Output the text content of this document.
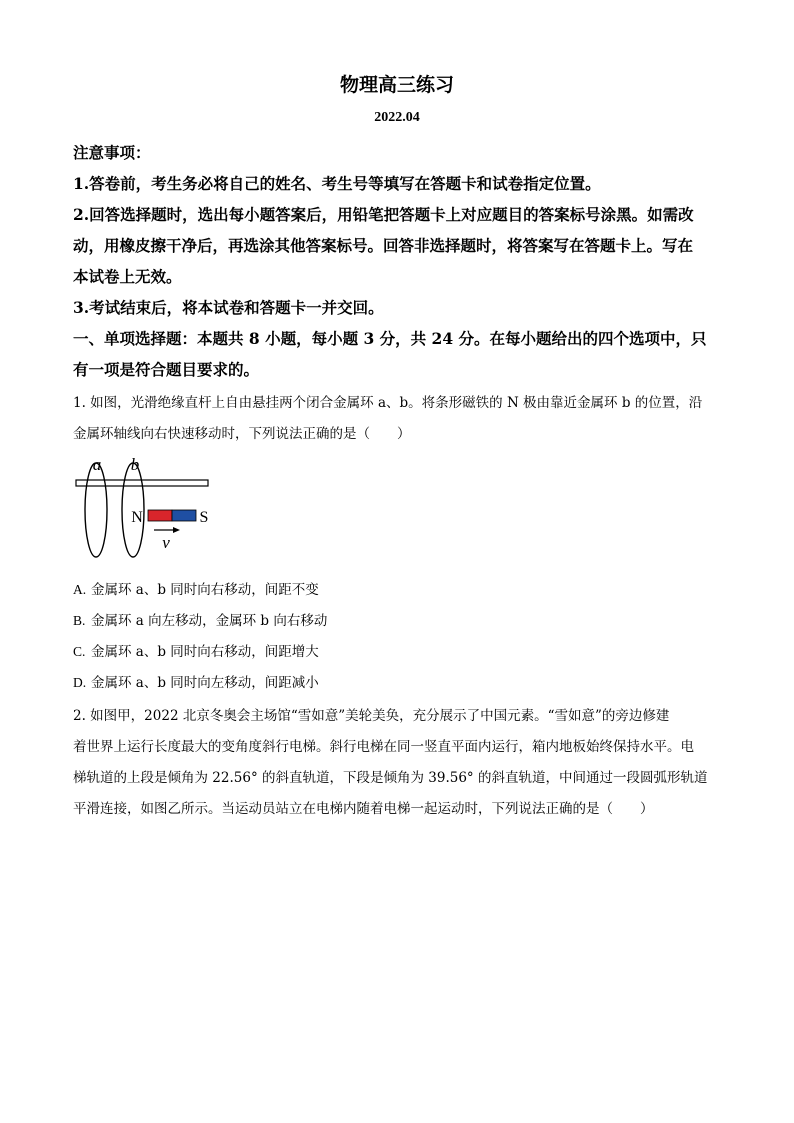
物理高三练习
2022.04
注意事项：
1.答卷前，考生务必将自己的姓名、考生号等填写在答题卡和试卷指定位置。
2.回答选择题时，选出每小题答案后，用铅笔把答题卡上对应题目的答案标号涂黑。如需改
动，用橡皮擦干净后，再选涂其他答案标号。回答非选择题时，将答案写在答题卡上。写在
本试卷上无效。
3.考试结束后，将本试卷和答题卡一并交回。
一、单项选择题：本题共 8 小题，每小题 3 分，共 24 分。在每小题给出的四个选项中，只
有一项是符合题目要求的。
1. 如图，光滑绝缘直杆上自由悬挂两个闭合金属环 a、b。将条形磁铁的 N 极由靠近金属环 b 的位置，沿
金属环轴线向右快速移动时，下列说法正确的是（　　）
a b
N	S
v
A. 金属环 a、b 同时向右移动，间距不变
B. 金属环 a 向左移动，金属环 b 向右移动
C. 金属环 a、b 同时向右移动，间距增大
D. 金属环 a、b 同时向左移动，间距减小
2. 如图甲，2022 北京冬奥会主场馆“雪如意”美轮美奂，充分展示了中国元素。“雪如意”的旁边修建
着世界上运行长度最大的变角度斜行电梯。斜行电梯在同一竖直平面内运行，箱内地板始终保持水平。电
梯轨道的上段是倾角为 22.56° 的斜直轨道，下段是倾角为 39.56° 的斜直轨道，中间通过一段圆弧形轨道
平滑连接，如图乙所示。当运动员站立在电梯内随着电梯一起运动时，下列说法正确的是（　　）
